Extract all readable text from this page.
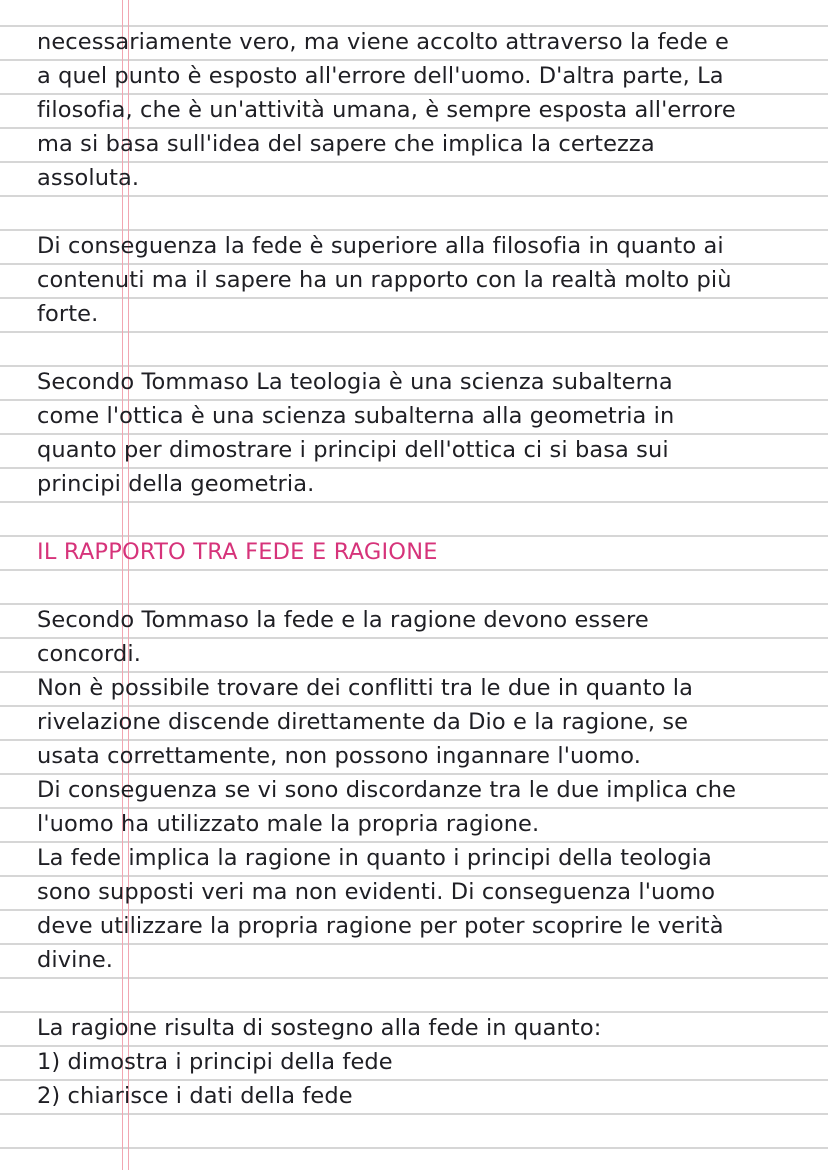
necessariamente vero, ma viene accolto attraverso la fede e
a quel punto è esposto all'errore dell'uomo. D'altra parte, La
filosofia, che è un'attività umana, è sempre esposta all'errore
ma si basa sull'idea del sapere che implica la certezza
assoluta.
Di conseguenza la fede è superiore alla filosofia in quanto ai
contenuti ma il sapere ha un rapporto con la realtà molto più
forte.
Secondo Tommaso La teologia è una scienza subalterna
come l'ottica è una scienza subalterna alla geometria in
quanto per dimostrare i principi dell'ottica ci si basa sui
principi della geometria.
IL RAPPORTO TRA FEDE E RAGIONE
Secondo Tommaso la fede e la ragione devono essere
concordi.
Non è possibile trovare dei conflitti tra le due in quanto la
rivelazione discende direttamente da Dio e la ragione, se
usata correttamente, non possono ingannare l'uomo.
Di conseguenza se vi sono discordanze tra le due implica che
l'uomo ha utilizzato male la propria ragione.
La fede implica la ragione in quanto i principi della teologia
sono supposti veri ma non evidenti. Di conseguenza l'uomo
deve utilizzare la propria ragione per poter scoprire le verità
divine.
La ragione risulta di sostegno alla fede in quanto:
1) dimostra i principi della fede
2) chiarisce i dati della fede
